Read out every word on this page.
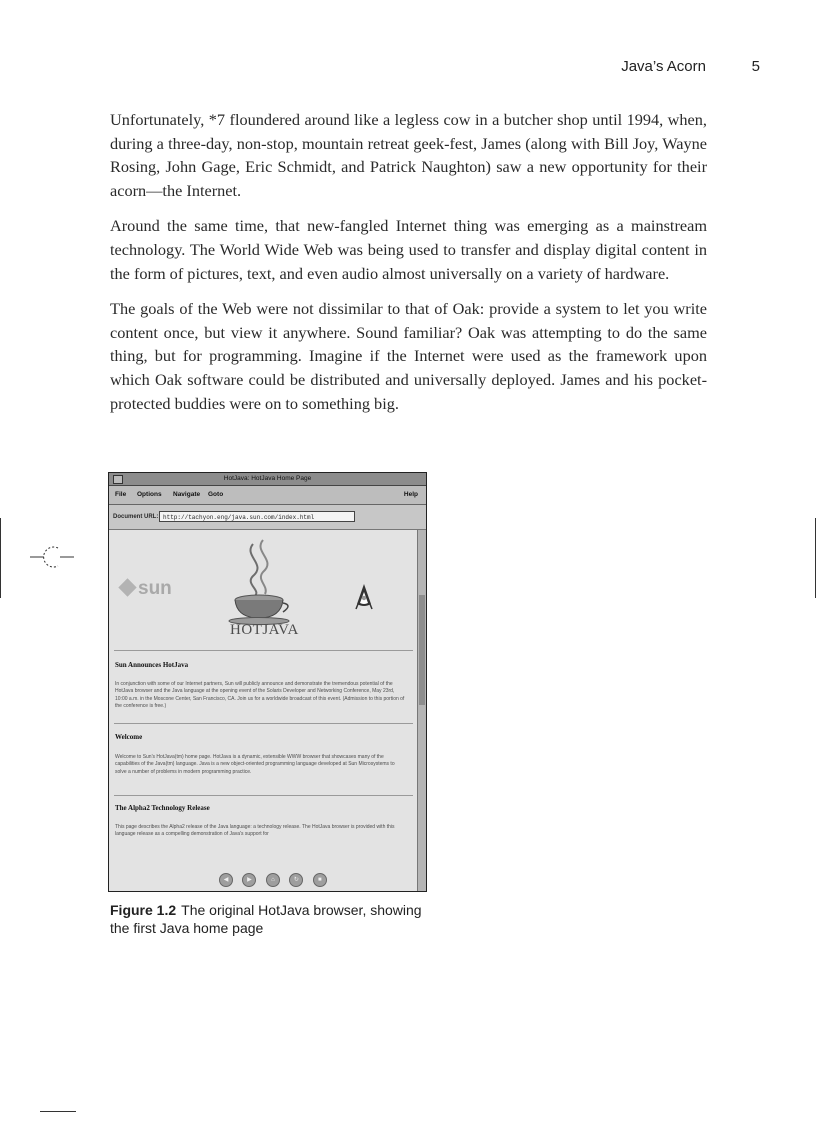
Java’s Acorn	5

Unfortunately, *7 floundered around like a legless cow in a butcher shop until 1994, when, during a three-day, non-stop, mountain retreat geek-fest, James (along with Bill Joy, Wayne Rosing, John Gage, Eric Schmidt, and Patrick Naughton) saw a new opportunity for their acorn—the Internet.

Around the same time, that new-fangled Internet thing was emerging as a mainstream technology. The World Wide Web was being used to transfer and display digital content in the form of pictures, text, and even audio almost universally on a variety of hardware.

The goals of the Web were not dissimilar to that of Oak: provide a system to let you write content once, but view it anywhere. Sound familiar? Oak was attempting to do the same thing, but for programming. Imagine if the Internet were used as the framework upon which Oak software could be distributed and universally deployed. James and his pocket-protected buddies were on to something big.

HotJava: HotJava Home Page
File Options Navigate Goto	Help
Document URL: http://tachyon.eng/java.sun.com/index.html
sun
HOTJAVA
Sun Announces HotJava
In conjunction with some of our Internet partners, Sun will publicly announce and demonstrate the tremendous potential of the HotJava browser and the Java language at the opening event of the Solaris Developer and Networking Conference, May 23rd, 10:00 a.m. in the Moscone Center, San Francisco, CA. Join us for a worldwide broadcast of this event. (Admission to this portion of the conference is free.)
Welcome
Welcome to Sun's HotJava(tm) home page. HotJava is a dynamic, extensible WWW browser that showcases many of the capabilities of the Java(tm) language. Java is a new object-oriented programming language developed at Sun Microsystems to solve a number of problems in modern programming practice.
The Alpha2 Technology Release
This page describes the Alpha2 release of the Java language: a technology release. The HotJava browser is provided with this language release as a compelling demonstration of Java's support for
◀	▶	⌂	↻	■
Figure 1.2 The original HotJava browser, showing the first Java home page
